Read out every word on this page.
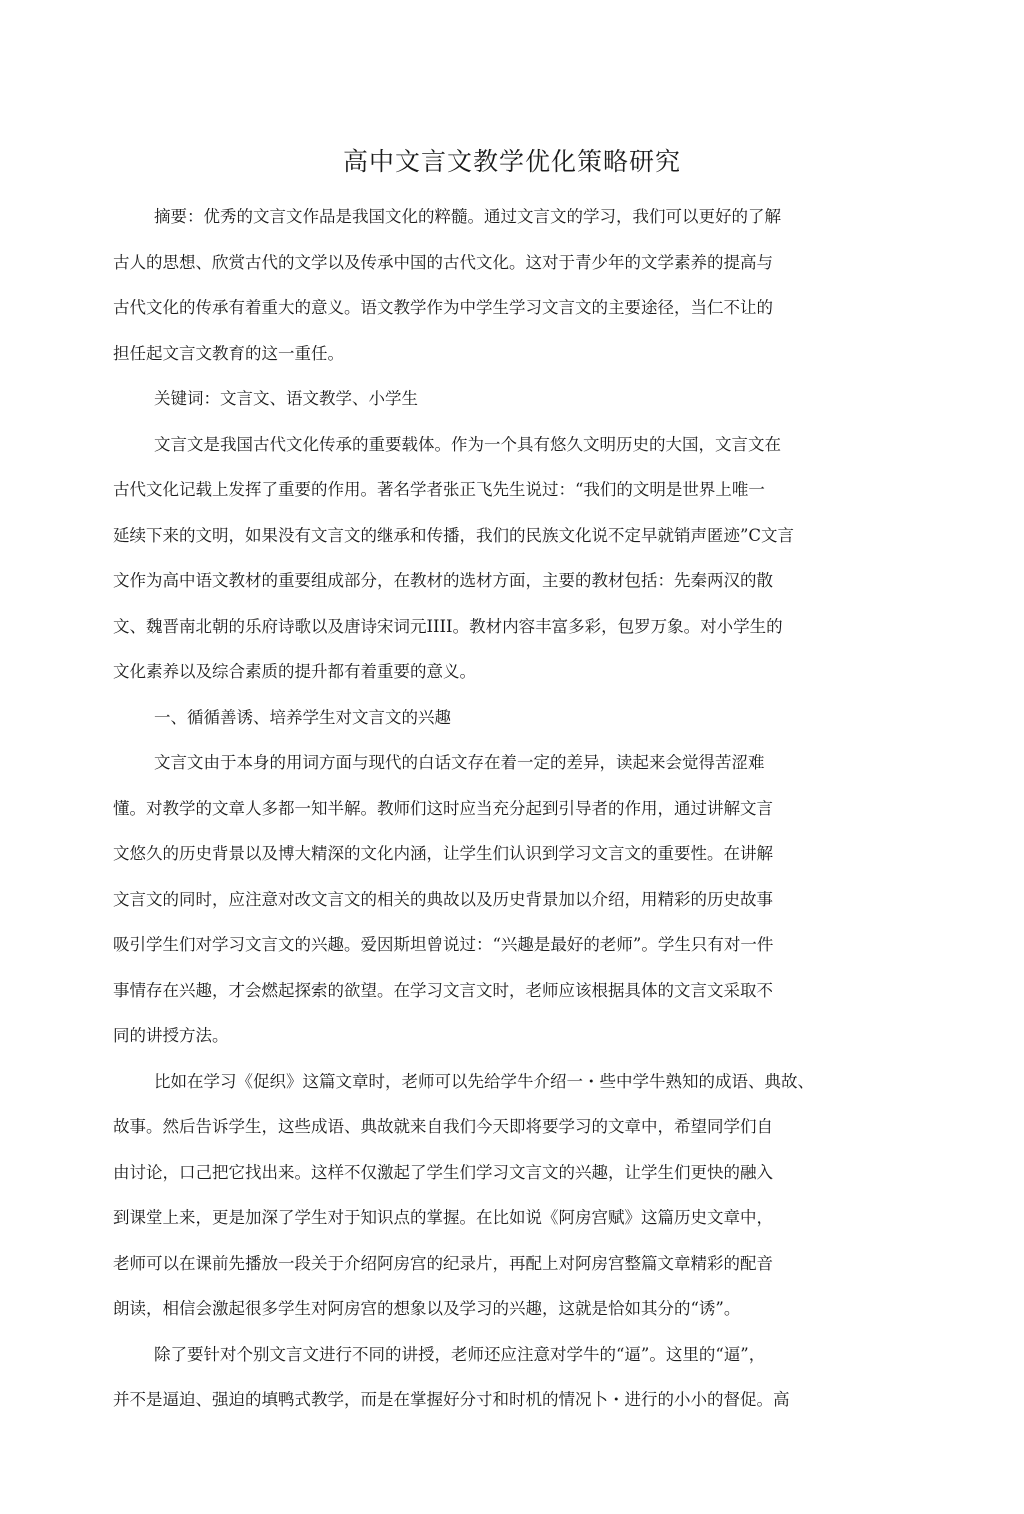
高中文言文教学优化策略研究
摘要：优秀的文言文作品是我国文化的粹髓。通过文言文的学习，我们可以更好的了解
古人的思想、欣赏古代的文学以及传承中国的古代文化。这对于青少年的文学素养的提高与
古代文化的传承有着重大的意义。语文教学作为中学生学习文言文的主要途径，当仁不让的
担任起文言文教育的这一重任。
关键词：文言文、语文教学、小学生
文言文是我国古代文化传承的重要载体。作为一个具有悠久文明历史的大国，文言文在
古代文化记载上发挥了重要的作用。著名学者张正飞先生说过：“我们的文明是世界上唯一
延续下来的文明，如果没有文言文的继承和传播，我们的民族文化说不定早就销声匿迹”C文言
文作为高中语文教材的重要组成部分，在教材的选材方面，主要的教材包括：先秦两汉的散
文、魏晋南北朝的乐府诗歌以及唐诗宋词元IIII。教材内容丰富多彩，包罗万象。对小学生的
文化素养以及综合素质的提升都有着重要的意义。
一、循循善诱、培养学生对文言文的兴趣
文言文由于本身的用词方面与现代的白话文存在着一定的差异，读起来会觉得苦涩难
懂。对教学的文章人多都一知半解。教师们这时应当充分起到引导者的作用，通过讲解文言
文悠久的历史背景以及博大精深的文化内涵，让学生们认识到学习文言文的重要性。在讲解
文言文的同时，应注意对改文言文的相关的典故以及历史背景加以介绍，用精彩的历史故事
吸引学生们对学习文言文的兴趣。爱因斯坦曾说过：“兴趣是最好的老师”。学生只有对一件
事情存在兴趣，才会燃起探索的欲望。在学习文言文时，老师应该根据具体的文言文采取不
同的讲授方法。
比如在学习《促织》这篇文章时，老师可以先给学牛介绍一・些中学牛熟知的成语、典故、
故事。然后告诉学生，这些成语、典故就来自我们今天即将要学习的文章中，希望同学们自
由讨论，口己把它找出来。这样不仅激起了学生们学习文言文的兴趣，让学生们更快的融入
到课堂上来，更是加深了学生对于知识点的掌握。在比如说《阿房宫赋》这篇历史文章中，
老师可以在课前先播放一段关于介绍阿房宫的纪录片，再配上对阿房宫整篇文章精彩的配音
朗读，相信会激起很多学生对阿房宫的想象以及学习的兴趣，这就是恰如其分的“诱”。
除了要针对个别文言文进行不同的讲授，老师还应注意对学牛的“逼”。这里的“逼”，
并不是逼迫、强迫的填鸭式教学，而是在掌握好分寸和时机的情况卜・进行的小小的督促。高
